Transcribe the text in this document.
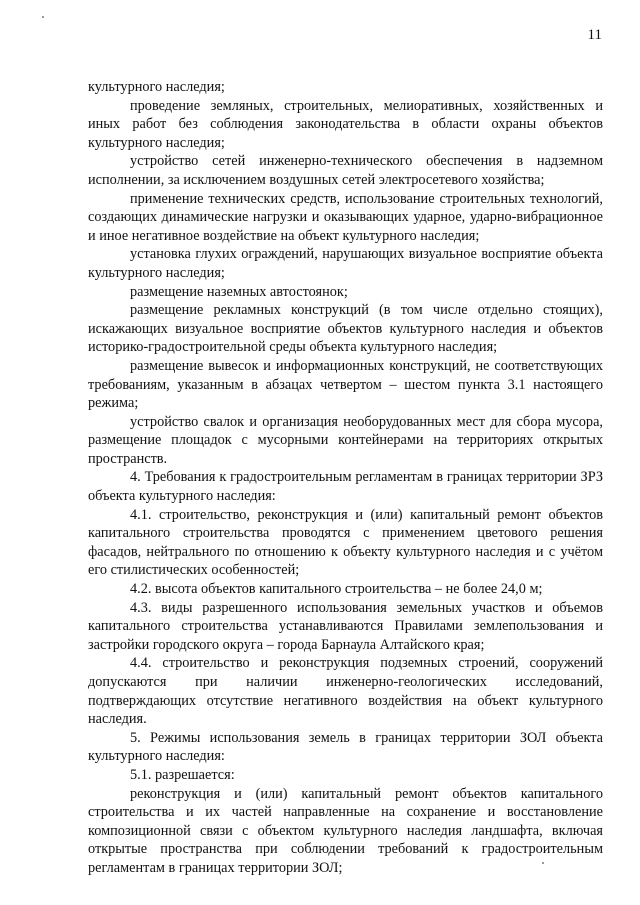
11

культурного наследия;

проведение земляных, строительных, мелиоративных, хозяйственных и иных работ без соблюдения законодательства в области охраны объектов культурного наследия;

устройство сетей инженерно-технического обеспечения в надземном исполнении, за исключением воздушных сетей электросетевого хозяйства;

применение технических средств, использование строительных технологий, создающих динамические нагрузки и оказывающих ударное, ударно-вибрационное и иное негативное воздействие на объект культурного наследия;

установка глухих ограждений, нарушающих визуальное восприятие объекта культурного наследия;

размещение наземных автостоянок;

размещение рекламных конструкций (в том числе отдельно стоящих), искажающих визуальное восприятие объектов культурного наследия и объектов историко-градостроительной среды объекта культурного наследия;

размещение вывесок и информационных конструкций, не соответствующих требованиям, указанным в абзацах четвертом – шестом пункта 3.1 настоящего режима;

устройство свалок и организация необорудованных мест для сбора мусора, размещение площадок с мусорными контейнерами на территориях открытых пространств.

4. Требования к градостроительным регламентам в границах территории ЗРЗ объекта культурного наследия:

4.1. строительство, реконструкция и (или) капитальный ремонт объектов капитального строительства проводятся с применением цветового решения фасадов, нейтрального по отношению к объекту культурного наследия и с учётом его стилистических особенностей;

4.2. высота объектов капитального строительства – не более 24,0 м;

4.3. виды разрешенного использования земельных участков и объемов капитального строительства устанавливаются Правилами землепользования и застройки городского округа – города Барнаула Алтайского края;

4.4. строительство и реконструкция подземных строений, сооружений допускаются при наличии инженерно-геологических исследований, подтверждающих отсутствие негативного воздействия на объект культурного наследия.

5. Режимы использования земель в границах территории ЗОЛ объекта культурного наследия:

5.1. разрешается:

реконструкция и (или) капитальный ремонт объектов капитального строительства и их частей направленные на сохранение и восстановление композиционной связи с объектом культурного наследия ландшафта, включая открытые пространства при соблюдении требований к градостроительным регламентам в границах территории ЗОЛ;
